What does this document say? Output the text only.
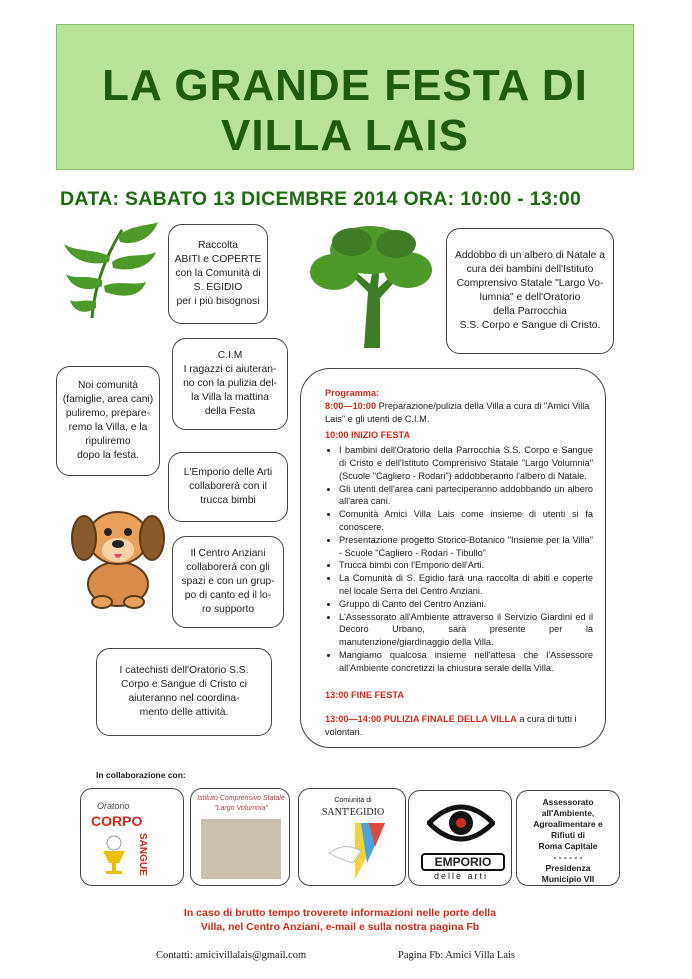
LA GRANDE FESTA DI
VILLA LAIS
DATA: SABATO 13 DICEMBRE 2014 ORA: 10:00 - 13:00
Raccolta
ABITI e COPERTE
con la Comunità di
S. EGIDIO
per i più bisognosi
Addobbo di un albero di Natale a
cura dei bambini dell'Istituto
Comprensivo Statale "Largo Vo-
lumnia" e dell'Oratorio
della Parrocchia
S.S. Corpo e Sangue di Cristo.
C.I.M
I ragazzi ci aiuteran-
no con la pulizia del-
la Villa la mattina
della Festa
Noi comunità
(famiglie, area cani)
puliremo, prepare-
remo la Villa, e la
ripuliremo
dopo la festa.
L'Emporio delle Arti
collaborerà con il
trucca bimbi
Il Centro Anziani
collaborerà con gli
spazi e con un grup-
po di canto ed il lo-
ro supporto
I catechisti dell'Oratorio S.S.
Corpo e Sangue di Cristo ci
aiuteranno nel coordina-
mento delle attività.
Programma:
8:00—10:00 Preparazione/pulizia della Villa a cura di "Amici Villa Lais" e gli utenti de C.I.M.
10:00 INIZIO FESTA
• I bambini dell'Oratorio della Parrocchia S.S. Corpo e Sangue di Cristo e dell'Istituto Comprensivo Statale "Largo Volumnia" (Scuole "Cagliero - Rodari") addobberanno l'albero di Natale.
• Gli utenti dell'area cani parteciperanno addobbando un albero all'area cani.
• Comunità Amici Villa Lais come insieme di utenti si fa conoscere.
• Presentazione progetto Storico-Botanico "Insieme per la Villa" - Scuole "Cagliero - Rodari - Tibullo"
• Trucca bimbi con l'Emporio dell'Arti.
• La Comunità di S. Egidio farà una raccolta di abiti e coperte nel locale Serra del Centro Anziani.
• Gruppo di Canto del Centro Anziani.
• L'Assessorato all'Ambiente attraverso il Servizio Giardini ed il Decoro Urbano, sarà presente per la manutenzione/giardinaggio della Villa.
• Mangiamo qualcosa insieme nell'attesa che l'Assessore all'Ambiente concretizzi la chiusura serale della Villa.
13:00 FINE FESTA
13:00—14:00 PULIZIA FINALE DELLA VILLA a cura di tutti i volontari.
In collaborazione con:
Oratorio
CORPO
SANGUE
Istituto Comprensivo Statale
"Largo Volumnia"
Comunità di
SANT'EGIDIO
EMPORIO
delle arti
Assessorato
all'Ambiente,
Agroalimentare e
Rifiuti di
Roma Capitale
- - - - - -
Presidenza
Municipio VII
In caso di brutto tempo troverete informazioni nelle porte della
Villa, nel Centro Anziani, e-mail e sulla nostra pagina Fb
Contatti: amicivillalais@gmail.com	Pagina Fb: Amici Villa Lais
